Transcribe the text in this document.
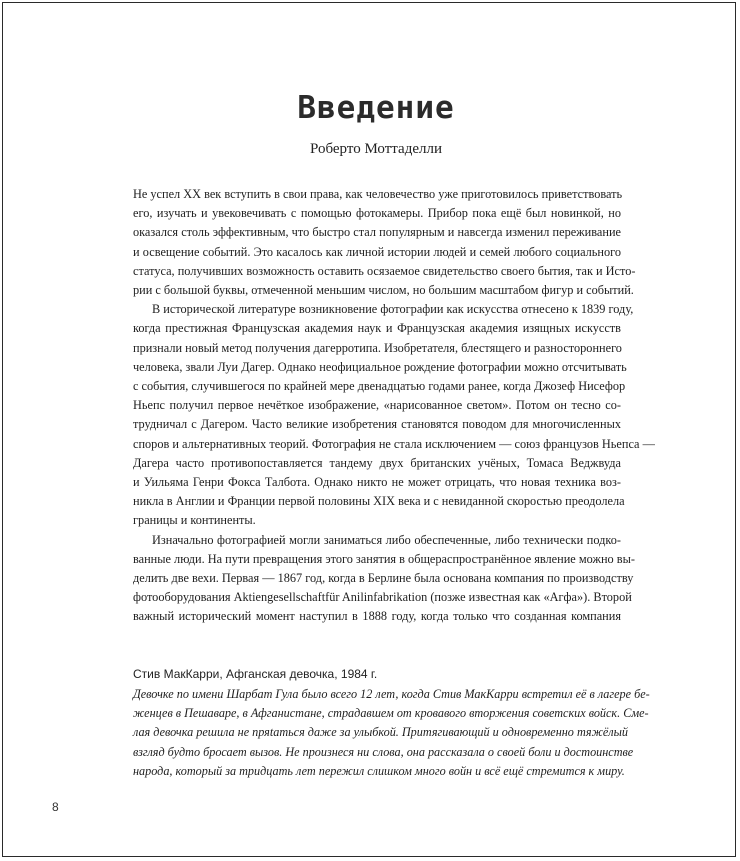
Введение
Роберто Моттаделли
Не успел XX век вступить в свои права, как человечество уже приготовилось приветствовать
его, изучать и увековечивать с помощью фотокамеры. Прибор пока ещё был новинкой, но
оказался столь эффективным, что быстро стал популярным и навсегда изменил переживание
и освещение событий. Это касалось как личной истории людей и семей любого социального
статуса, получивших возможность оставить осязаемое свидетельство своего бытия, так и Исто-
рии с большой буквы, отмеченной меньшим числом, но большим масштабом фигур и событий.
В исторической литературе возникновение фотографии как искусства отнесено к 1839 году,
когда престижная Французская академия наук и Французская академия изящных искусств
признали новый метод получения дагерротипа. Изобретателя, блестящего и разностороннего
человека, звали Луи Дагер. Однако неофициальное рождение фотографии можно отсчитывать
с события, случившегося по крайней мере двенадцатью годами ранее, когда Джозеф Нисефор
Ньепс получил первое нечёткое изображение, «нарисованное светом». Потом он тесно со-
трудничал с Дагером. Часто великие изобретения становятся поводом для многочисленных
споров и альтернативных теорий. Фотография не стала исключением — союз французов Ньепса —
Дагера часто противопоставляется тандему двух британских учёных, Томаса Веджвуда
и Уильяма Генри Фокса Талбота. Однако никто не может отрицать, что новая техника воз-
никла в Англии и Франции первой половины XIX века и с невиданной скоростью преодолела
границы и континенты.
Изначально фотографией могли заниматься либо обеспеченные, либо технически подко-
ванные люди. На пути превращения этого занятия в общераспространённое явление можно вы-
делить две вехи. Первая — 1867 год, когда в Берлине была основана компания по производству
фотооборудования Aktiengesellschaftfür Anilinfabrikation (позже известная как «Агфа»). Второй
важный исторический момент наступил в 1888 году, когда только что созданная компания
Стив МакКарри, Афганская девочка, 1984 г.
Девочке по имени Шарбат Гула было всего 12 лет, когда Стив МакКарри встретил её в лагере бе-
женцев в Пешаваре, в Афганистане, страдавшем от кровавого вторжения советских войск. Сме-
лая девочка решила не пряtаться даже за улыбкой. Притягивающий и одновременно тяжёлый
взгляд будто бросает вызов. Не произнеся ни слова, она рассказала о своей боли и достоинстве
народа, который за тридцать лет пережил слишком много войн и всё ещё стремится к миру.
8
